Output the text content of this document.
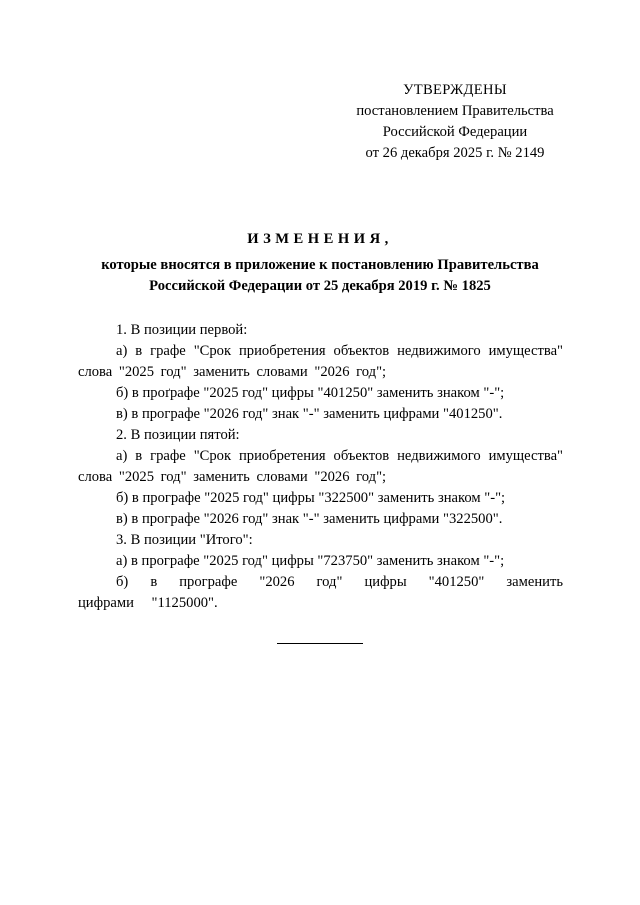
УТВЕРЖДЕНЫ
постановлением Правительства
Российской Федерации
от 26 декабря 2025 г. № 2149
ИЗМЕНЕНИЯ,
которые вносятся в приложение к постановлению Правительства
Российской Федерации от 25 декабря 2019 г. № 1825

1. В позиции первой:

а) в графе "Срок приобретения объектов недвижимого имущества" слова "2025 год" заменить словами "2026 год";

б) в проґрафе "2025 год" цифры "401250" заменить знаком "-";

в) в прографе "2026 год" знак "-" заменить цифрами "401250".

2. В позиции пятой:

а) в графе "Срок приобретения объектов недвижимого имущества" слова "2025 год" заменить словами "2026 год";

б) в прографе "2025 год" цифры "322500" заменить знаком "-";

в) в прографе "2026 год" знак "-" заменить цифрами "322500".

3. В позиции "Итого":

а) в прографе "2025 год" цифры "723750" заменить знаком "-";

б) в прографе "2026 год" цифры "401250" заменить цифрами "1125000".
